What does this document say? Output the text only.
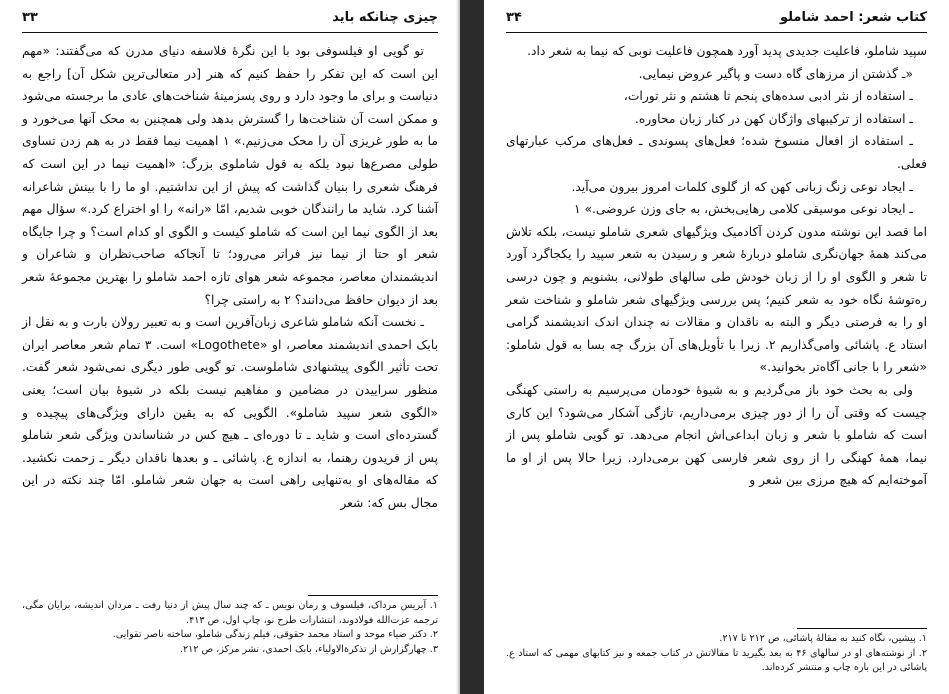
چیزی چنانکه باید
۳۳

تو گویی او فیلسوفی بود با این نگرهٔ فلاسفه دنیای مدرن که می‌گفتند: «مهم این است که این تفکر را حفظ کنیم که هنر [در متعالی‌ترین شکل آن] راجع به دنیاست و برای ما وجود دارد و روی پسزمینهٔ شناخت‌های عادی ما برجسته می‌شود و ممکن است آن شناخت‌ها را گسترش بدهد ولی همچنین به محک آنها می‌خورد و ما به طور غریزی آن را محک می‌زنیم.» ۱ اهمیت نیما فقط در به هم زدن تساوی طولی مصرع‌ها نبود بلکه به قول شاملوی بزرگ: «اهمیت نیما در این است که فرهنگ شعری را بنیان گذاشت که پیش از این نداشتیم. او ما را با بینش شاعرانه آشنا کرد. شاید ما رانندگان خوبی شدیم، امّا «رانه» را او اختراع کرد.» سؤال مهم بعد از الگوی نیما این است که شاملو کیست و الگوی او کدام است؟ و چرا جایگاه شعر او حتا از نیما نیز فراتر می‌رود؛ تا آنجاکه صاحب‌نظران و شاعران و اندیشمندان معاصر، مجموعه شعر هوای تازه احمد شاملو را بهترین مجموعهٔ شعر بعد از دیوان حافظ می‌دانند؟ ۲ به راستی چرا؟

ـ نخست آنکه شاملو شاعری زبان‌آفرین است و به تعبیر رولان بارت و به نقل از بابک احمدی اندیشمند معاصر، او «Logothete» است. ۳ تمام شعر معاصر ایران تحت تأثیر الگوی پیشنهادی شاملوست. تو گویی طور دیگری نمی‌شود شعر گفت. منظور سراییدن در مضامین و مفاهیم نیست بلکه در شیوهٔ بیان است؛ یعنی «الگوی شعر سپید شاملو». الگویی که به یقین دارای ویژگی‌های پیچیده و گسترده‌ای است و شاید ـ تا دوره‌ای ـ هیچ کس در شناساندن ویژگی شعر شاملو پس از فریدون رهنما، به اندازه ع. پاشائی ـ و بعدها ناقدان دیگر ـ زحمت نکشید. که مقاله‌های او به‌تنهایی راهی است به جهان شعر شاملو. امّا چند نکته در این مجال بس که: شعر

۱. آیریس مرداک، فیلسوف و رمان نویس ـ که چند سال پیش از دنیا رفت ـ مردان اندیشه، برایان مگی، ترجمه عزت‌الله فولادوند، انتشارات طرح نو، چاپ اول، ص ۴۱۳.
۲. دکتر ضیاء موحد و استاد محمد حقوقی، فیلم زندگی شاملو، ساخته ناصر تقوایی.
۳. چهارگزارش از تذکرة‌الاولیاء، بابک احمدی، نشر مرکز، ص ۲۱۲.
کتاب شعر: احمد شاملو
۳۴

سپید شاملو، فاعلیت جدیدی پدید آورد همچون فاعلیت نوبی که نیما به شعر داد.

«ـ گذشتن از مرزهای گاه دست و پاگیر عروض نیمایی.

ـ استفاده از نثر ادبی سده‌های پنجم تا هشتم و نثر تورات،

ـ استفاده از ترکیبهای واژگان کهن در کنار زبان محاوره.

ـ استفاده از افعال منسوخ شده؛ فعل‌های پسوندی ـ فعل‌های مرکب عبارتهای فعلی.

ـ ایجاد نوعی زنگ زبانی کهن که از گلوی کلمات امروز بیرون می‌آید.

ـ ایجاد نوعی موسیقی کلامی رهایی‌بخش، به جای وزن عروضی.» ۱

اما قصد این نوشته مدون کردن آکادمیک ویژگیهای شعری شاملو نیست، بلکه تلاش می‌کند همهٔ جهان‌نگری شاملو دربارهٔ شعر و رسیدن به شعر سپید را یکجاگرد آورد تا شعر و الگوی او را از زبان خودش طی سالهای طولانی، بشنویم و چون درسی ره‌توشهٔ نگاه خود به شعر کنیم؛ پس بررسی ویژگیهای شعر شاملو و شناخت شعر او را به فرصتی دیگر و البته به ناقدان و مقالات نه چندان اندک اندیشمند گرامی استاد ع. پاشائی وامی‌گذاریم ۲. زیرا با تأویل‌های آن بزرگ چه بسا به قول شاملو: «شعر را با جانی آگاه‌تر بخوانید.»

ولی به بحث خود باز می‌گردیم و به شیوهٔ خودمان می‌پرسیم به راستی کهنگی چیست که وقتی آن را از دور چیزی برمی‌داریم، تازگی آشکار می‌شود؟ این کاری است که شاملو با شعر و زبان ابداعی‌اش انجام می‌دهد. تو گویی شاملو پس از نیما، همهٔ کهنگی را از روی شعر فارسی کهن برمی‌دارد. زیرا حالا پس از او ما آموخته‌ایم که هیچ مرزی بین شعر و

۱. پیشین، نگاه کنید به مقالهٔ پاشائی، ص ۲۱۲ تا ۲۱۷.
۲. از نوشته‌های او در سالهای ۴۶ به بعد بگیرید تا مقالاتش در کتاب جمعه و نیز کتابهای مهمی که استاد ع. پاشائی در این باره چاپ و منتشر کرده‌اند.
